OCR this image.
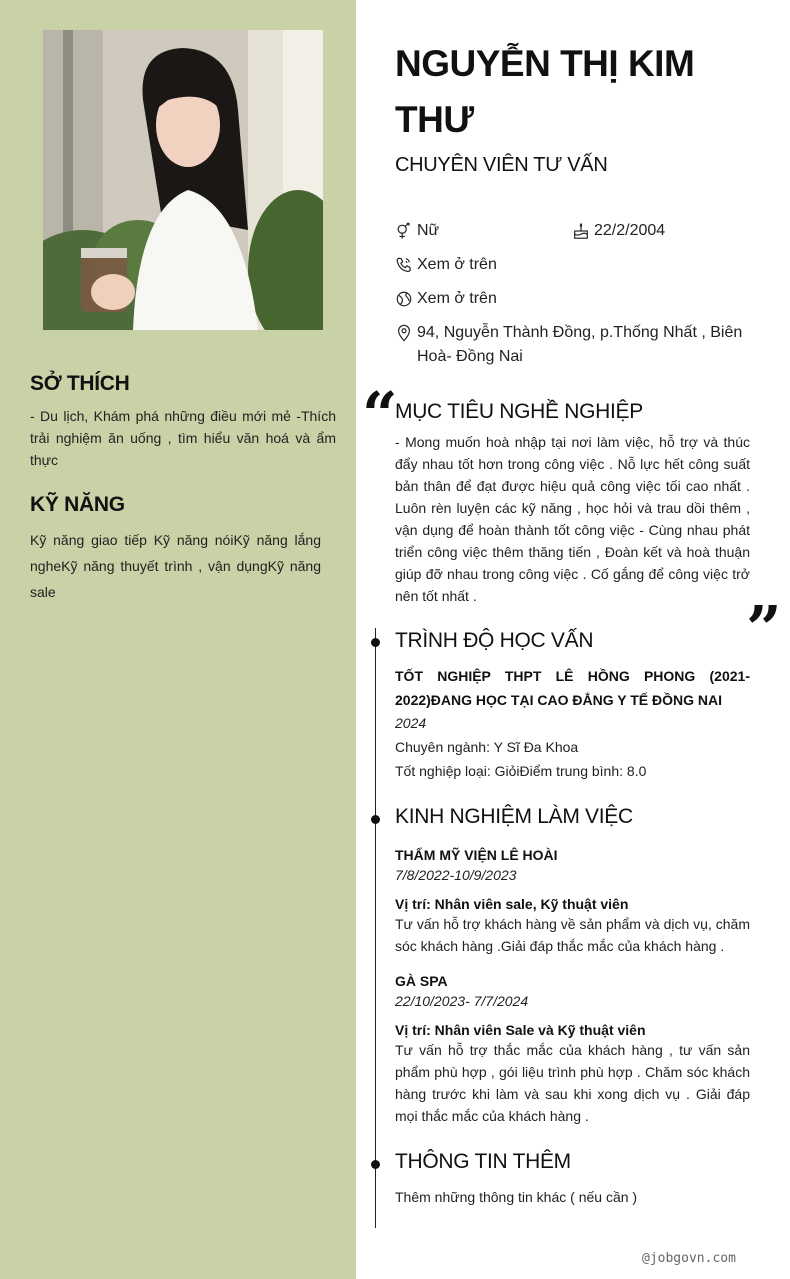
SỞ THÍCH
- Du lịch, Khám phá những điều mới mẻ -Thích trải nghiệm ăn uống , tìm hiểu văn hoá và ẩm thực
KỸ NĂNG
Kỹ năng giao tiếp Kỹ năng nóiKỹ năng lắng ngheKỹ năng thuyết trình , vận dụngKỹ năng sale
NGUYỄN THỊ KIM THƯ
CHUYÊN VIÊN TƯ VẤN
Nữ	22/2/2004
Xem ở trên
Xem ở trên
94, Nguyễn Thành Đồng, p.Thống Nhất , Biên Hoà- Đồng Nai
“
MỤC TIÊU NGHỀ NGHIỆP
- Mong muốn hoà nhập tại nơi làm việc, hỗ trợ và thúc đẩy nhau tốt hơn trong công việc . Nỗ lực hết công suất bản thân để đạt được hiệu quả công việc tối cao nhất . Luôn rèn luyện các kỹ năng , học hỏi và trau dồi thêm , vận dụng để hoàn thành tốt công việc - Cùng nhau phát triển công việc thêm thăng tiến , Đoàn kết và hoà thuận giúp đỡ nhau trong công việc . Cố gắng để công việc trở nên tốt nhất .	”
TRÌNH ĐỘ HỌC VẤN
TỐT NGHIỆP THPT LÊ HỒNG PHONG (2021-2022)ĐANG HỌC TẠI CAO ĐẲNG Y TẾ ĐỒNG NAI
2024
Chuyên ngành: Y Sĩ Đa Khoa
Tốt nghiệp loại: GiỏiĐiểm trung bình: 8.0
KINH NGHIỆM LÀM VIỆC
THẨM MỸ VIỆN LÊ HOÀI
7/8/2022-10/9/2023
Vị trí: Nhân viên sale, Kỹ thuật viên
Tư vấn hỗ trợ khách hàng về sản phẩm và dịch vụ, chăm sóc khách hàng .Giải đáp thắc mắc của khách hàng .
GÀ SPA
22/10/2023- 7/7/2024
Vị trí: Nhân viên Sale và Kỹ thuật viên
Tư vấn hỗ trợ thắc mắc của khách hàng , tư vấn sản phẩm phù hợp , gói liệu trình phù hợp . Chăm sóc khách hàng trước khi làm và sau khi xong dịch vụ . Giải đáp mọi thắc mắc của khách hàng .
THÔNG TIN THÊM
Thêm những thông tin khác ( nếu cần )
@jobgovn.com
